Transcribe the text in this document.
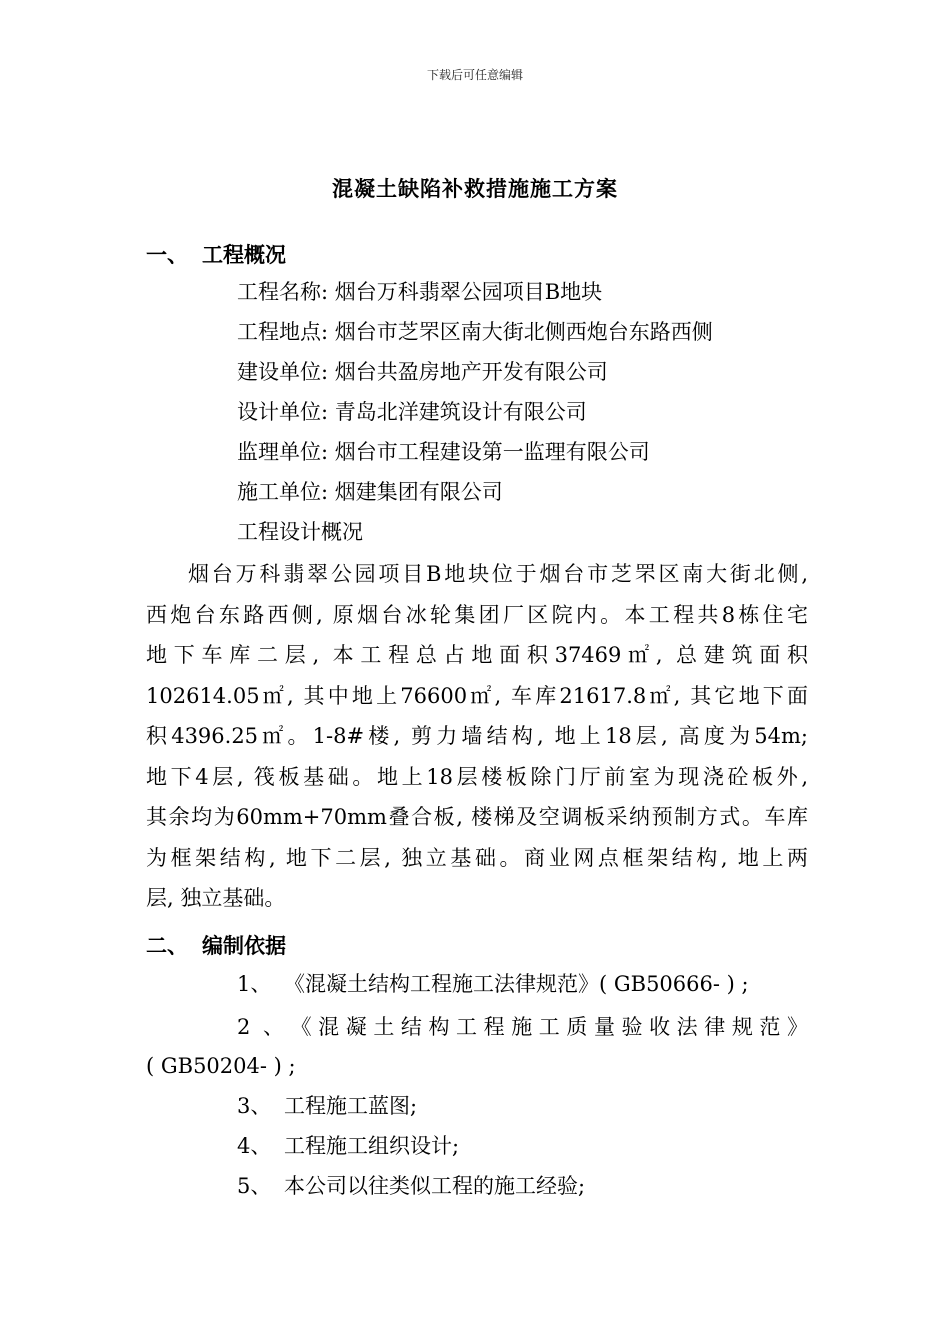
下载后可任意编辑
混凝土缺陷补救措施施工方案
一、 工程概况
工程名称: 烟台万科翡翠公园项目B地块
工程地点: 烟台市芝罘区南大街北侧西炮台东路西侧
建设单位: 烟台共盈房地产开发有限公司
设计单位: 青岛北洋建筑设计有限公司
监理单位: 烟台市工程建设第一监理有限公司
施工单位: 烟建集团有限公司
工程设计概况
烟台万科翡翠公园项目B地块位于烟台市芝罘区南大街北侧,
西炮台东路西侧, 原烟台冰轮集团厂区院内。本工程共8栋住宅
地下车库二层, 本工程总占地面积37469㎡, 总建筑面积
102614.05㎡, 其中地上76600㎡, 车库21617.8㎡, 其它地下面
积4396.25㎡。1-8#楼, 剪力墙结构, 地上18层, 高度为54m;
地下4层, 筏板基础。地上18层楼板除门厅前室为现浇砼板外,
其余均为60mm+70mm叠合板, 楼梯及空调板采纳预制方式。车库
为框架结构, 地下二层, 独立基础。商业网点框架结构, 地上两
层, 独立基础。
二、 编制依据
1、 《混凝土结构工程施工法律规范》( GB50666- ) ;
2、《混凝土结构工程施工质量验收法律规范》
( GB50204- ) ;
3、 工程施工蓝图;
4、 工程施工组织设计;
5、 本公司以往类似工程的施工经验;
